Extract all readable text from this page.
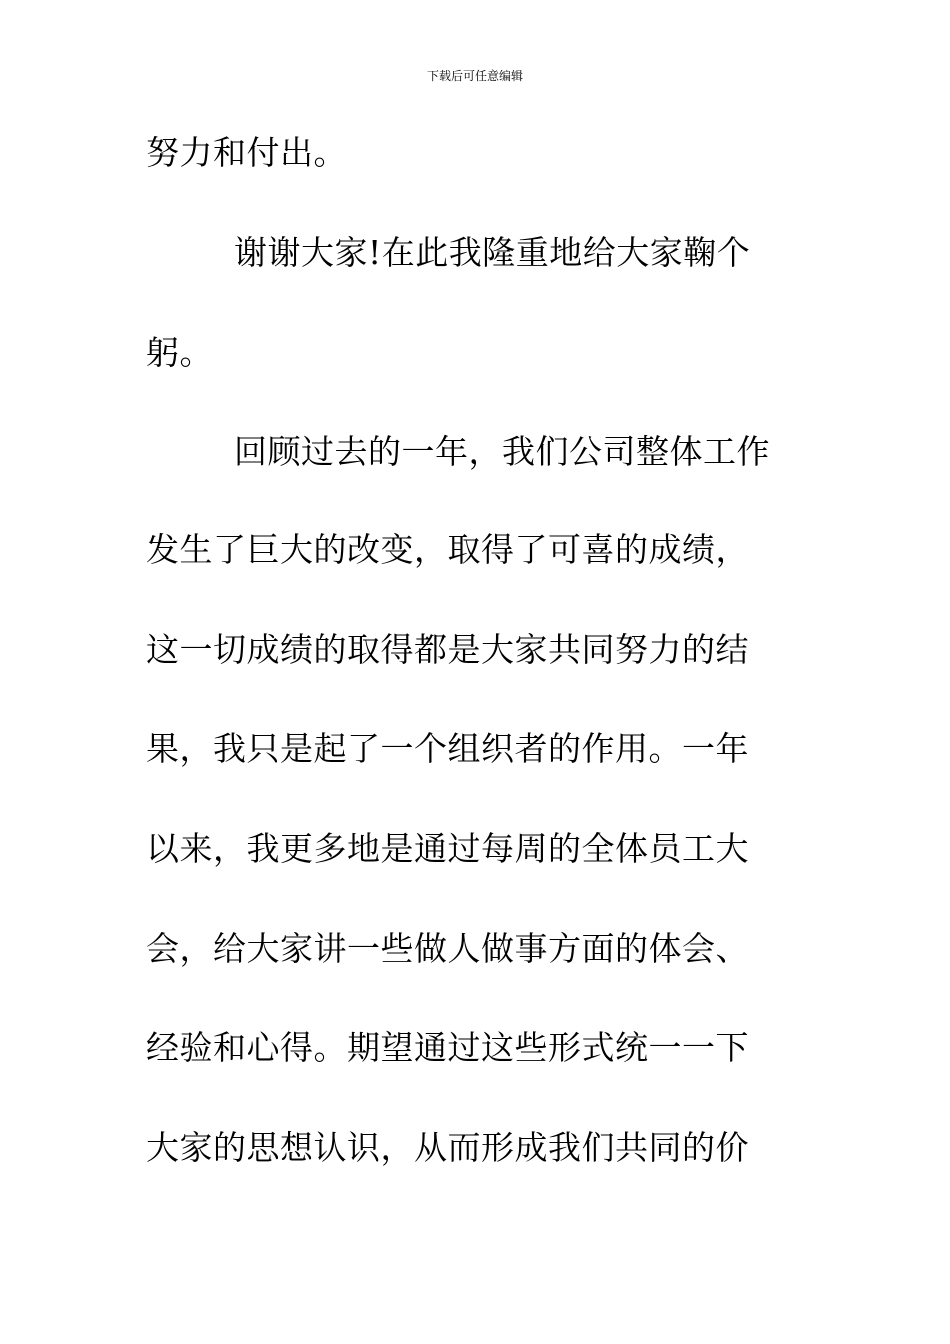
下载后可任意编辑
努力和付出。
谢谢大家!在此我隆重地给大家鞠个
躬。
回顾过去的一年，我们公司整体工作
发生了巨大的改变，取得了可喜的成绩，
这一切成绩的取得都是大家共同努力的结
果，我只是起了一个组织者的作用。一年
以来，我更多地是通过每周的全体员工大
会，给大家讲一些做人做事方面的体会、
经验和心得。期望通过这些形式统一一下
大家的思想认识，从而形成我们共同的价
